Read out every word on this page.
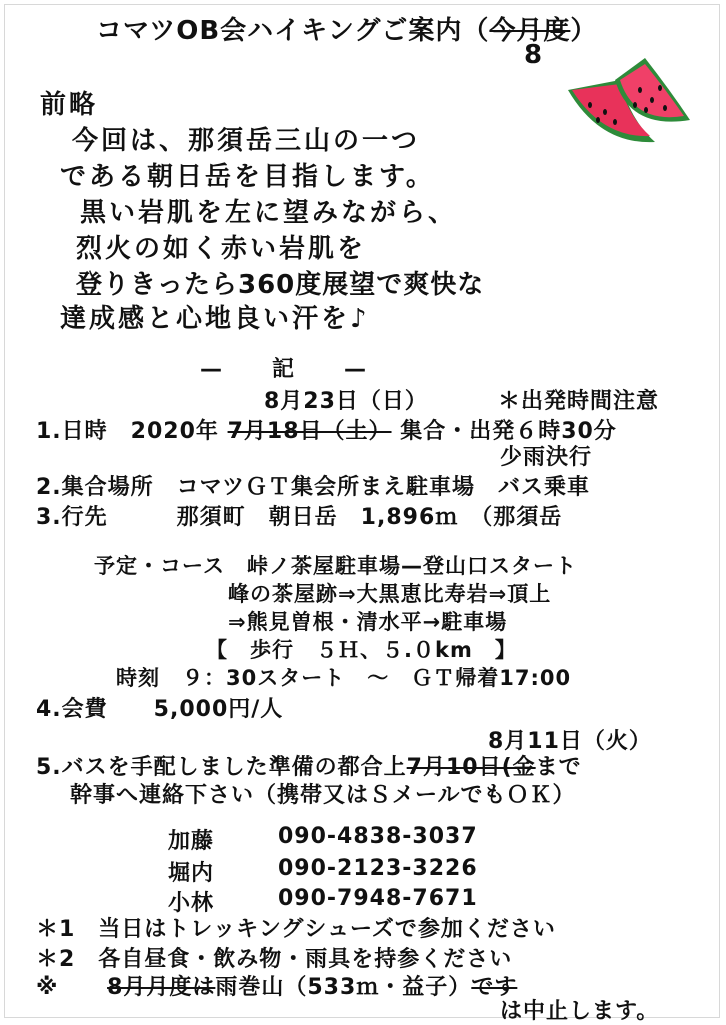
コマツOB会ハイキングご案内（今月度）
8
前略
今回は、那須岳三山の一つ
である朝日岳を目指します。
黒い岩肌を左に望みながら、
烈火の如く赤い岩肌を
登りきったら360度展望で爽快な
達成感と心地良い汗を♪
—　　記　　—
8月23日（日）	＊出発時間注意
1.日時　2020年 7月18日（土） 集合・出発６時30分
少雨決行
2.集合場所　コマツＧＴ集会所まえ駐車場　バス乗車
3.行先　　　那須町　朝日岳　1,896ｍ　（那須岳
予定・コース　峠ノ茶屋駐車場—登山口スタート
峰の茶屋跡⇒大黒恵比寿岩⇒頂上
⇒熊見曽根・清水平→駐車場
【　歩行　５Ｈ、５.０km　】
時刻　９：30スタート　〜　ＧＴ帰着17:00
4.会費　　5,000円/人
8月11日（火）
5.バスを手配しました準備の都合上7月10日(金まで
幹事へ連絡下さい（携帯又はＳメールでもＯＫ）
加藤	090-4838-3037
堀内	090-2123-3226
小林	090-7948-7671
＊1　当日はトレッキングシューズで参加ください
＊2　各自昼食・飲み物・雨具を持参ください
※ 8月月度は雨巻山（533ｍ・益子）です
は中止します。
